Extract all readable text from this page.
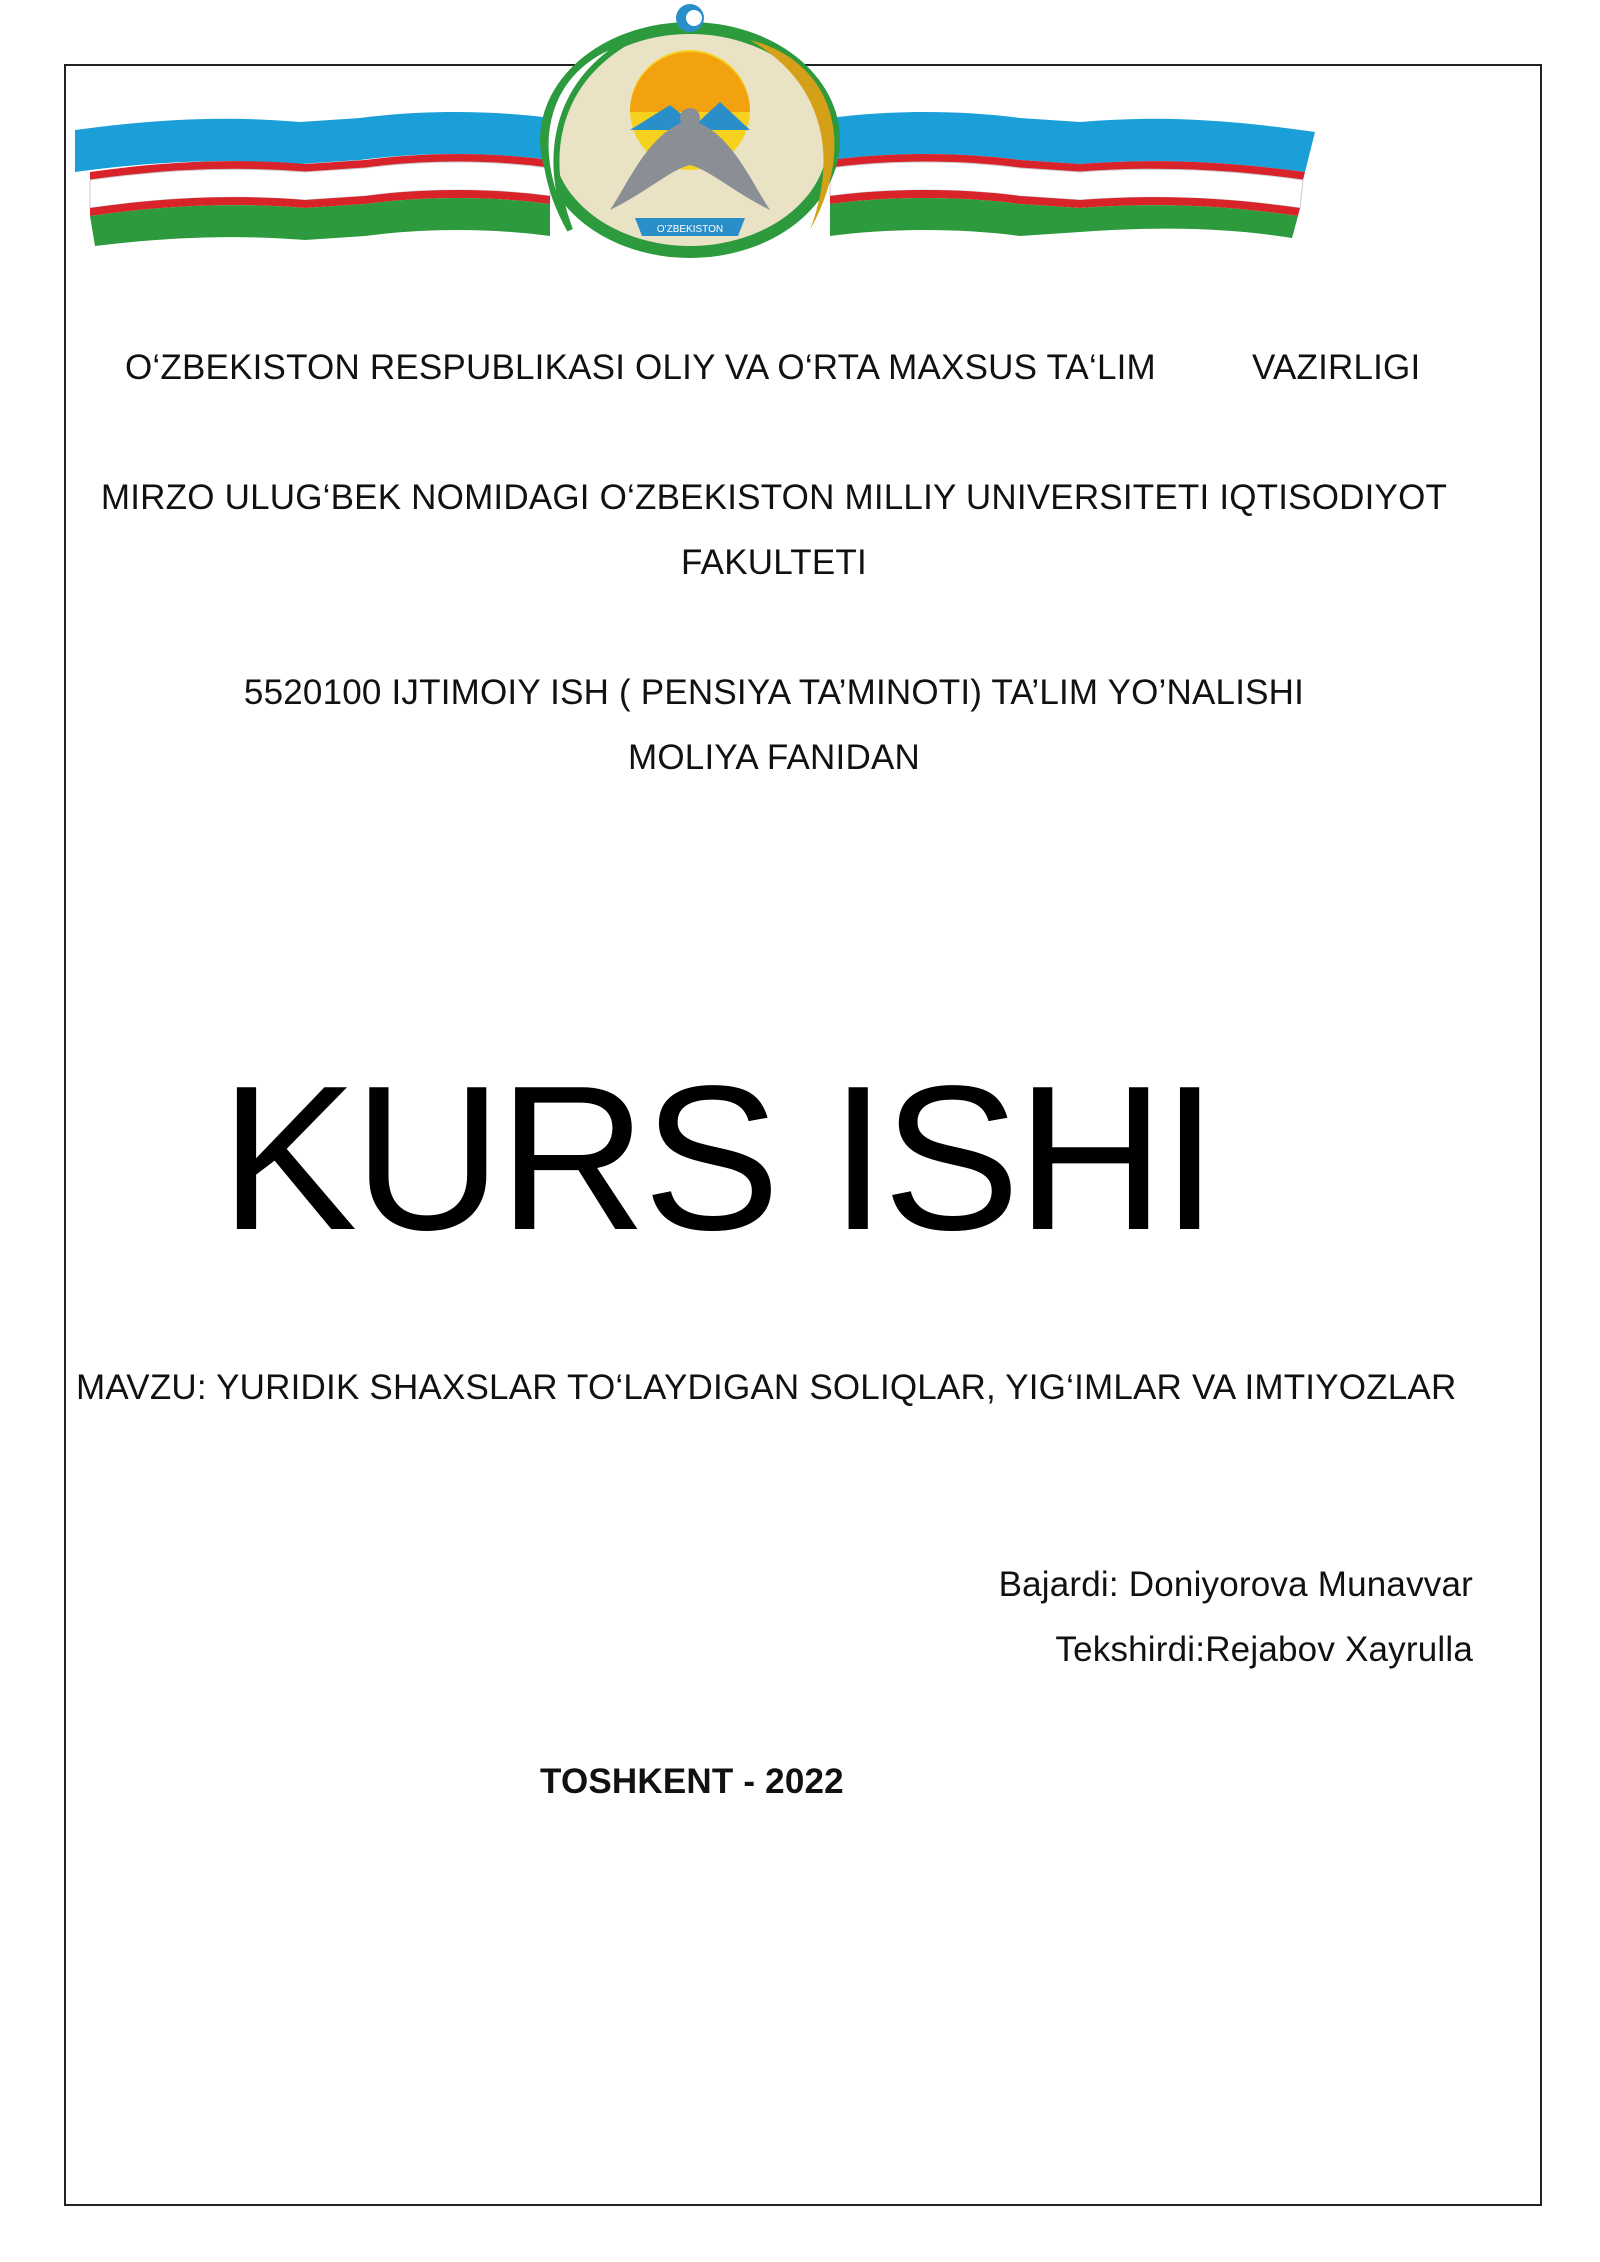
O'ZBEKISTON
O‘ZBEKISTON RESPUBLIKASI OLIY VA O‘RTA MAXSUS TA‘LIM	VAZIRLIGI
MIRZO ULUG‘BEK NOMIDAGI O‘ZBEKISTON MILLIY UNIVERSITETI IQTISODIYOT
FAKULTETI
5520100 IJTIMOIY ISH ( PENSIYA TA’MINOTI) TA’LIM YO’NALISHI
MOLIYA FANIDAN
KURS ISHI
MAVZU: YURIDIK SHAXSLAR TO‘LAYDIGAN SOLIQLAR, YIG‘IMLAR VA IMTIYOZLAR
Bajardi: Doniyorova Munavvar
Tekshirdi:Rejabov Xayrulla
TOSHKENT - 2022
